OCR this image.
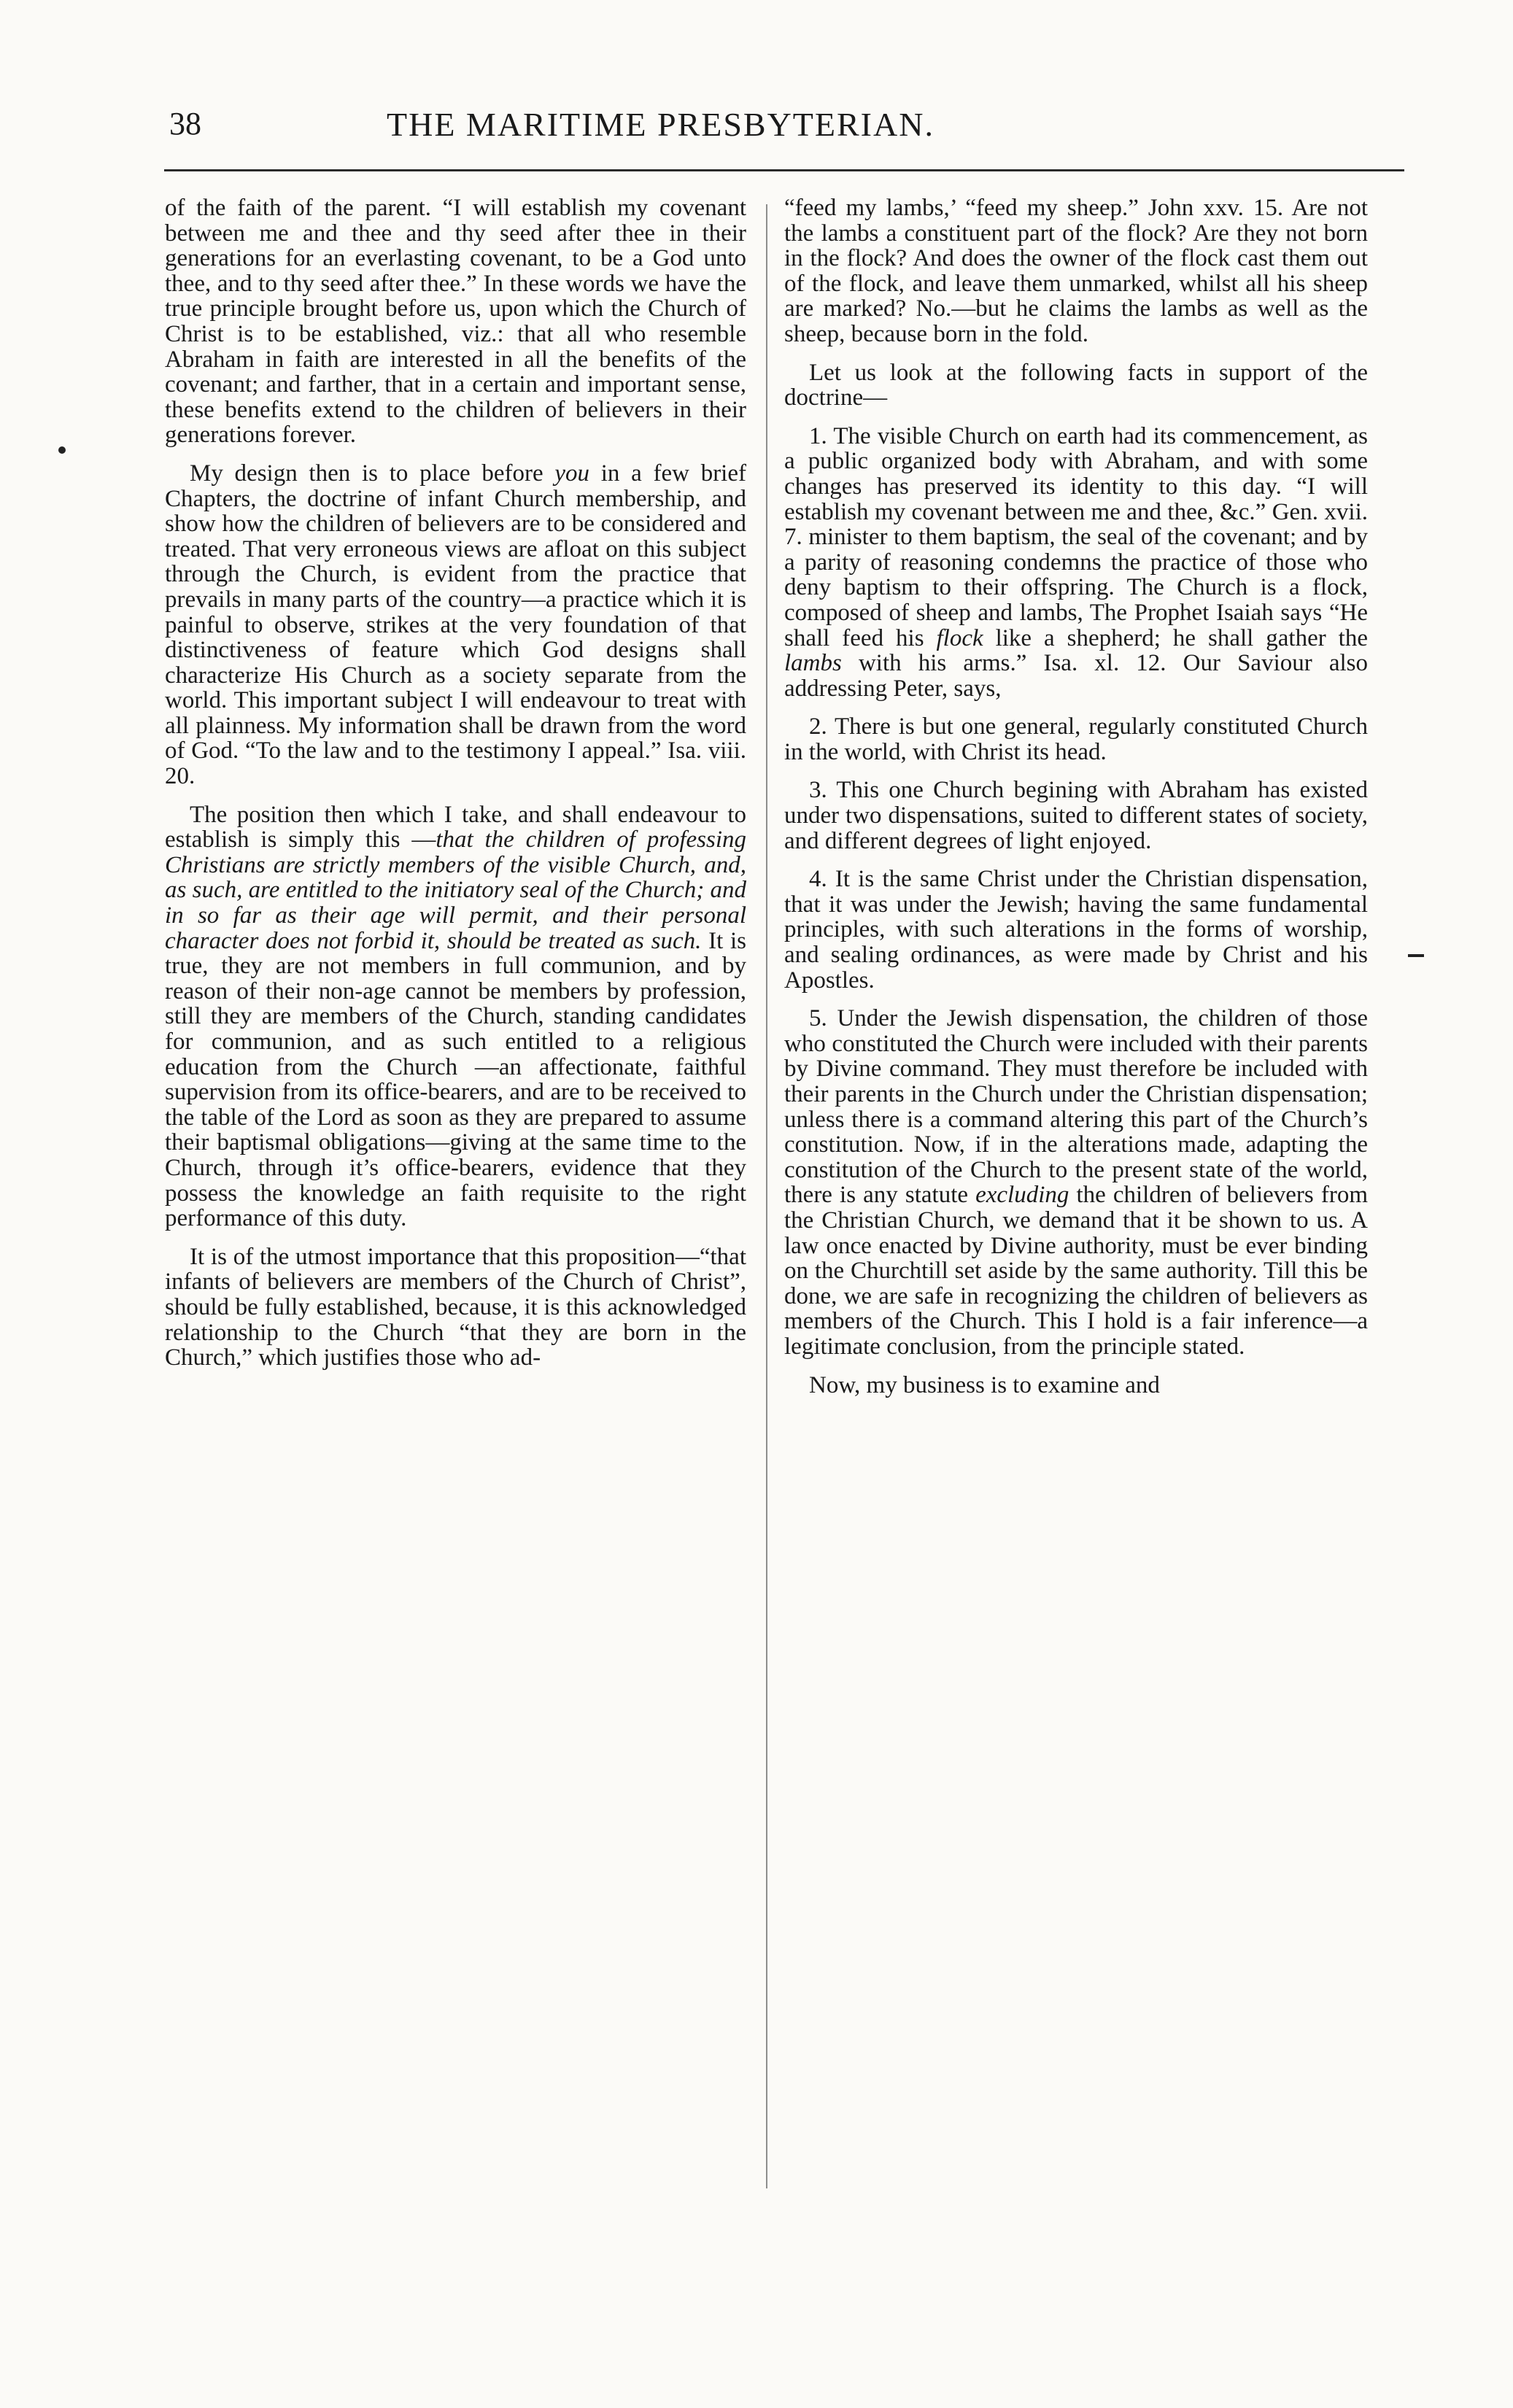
38	THE MARITIME PRESBYTERIAN.

of the faith of the parent. “I will establish my covenant between me and thee and thy seed after thee in their generations for an everlasting covenant, to be a God unto thee, and to thy seed after thee.” In these words we have the true principle brought before us, upon which the Church of Christ is to be established, viz.: that all who resemble Abraham in faith are interested in all the benefits of the covenant; and farther, that in a certain and important sense, these benefits extend to the children of believers in their generations forever.

My design then is to place before you in a few brief Chapters, the doctrine of infant Church membership, and show how the children of believers are to be considered and treated. That very erroneous views are afloat on this subject through the Church, is evident from the practice that prevails in many parts of the country—a practice which it is painful to observe, strikes at the very foundation of that distinctiveness of feature which God designs shall characterize His Church as a society separate from the world. This important subject I will endeavour to treat with all plainness. My information shall be drawn from the word of God. “To the law and to the testimony I appeal.” Isa. viii. 20.

The position then which I take, and shall endeavour to establish is simply this —that the children of professing Christians are strictly members of the visible Church, and, as such, are entitled to the initiatory seal of the Church; and in so far as their age will permit, and their personal character does not forbid it, should be treated as such. It is true, they are not members in full communion, and by reason of their non-age cannot be members by profession, still they are members of the Church, standing candidates for communion, and as such entitled to a religious education from the Church —an affectionate, faithful supervision from its office-bearers, and are to be received to the table of the Lord as soon as they are prepared to assume their baptismal obligations—giving at the same time to the Church, through it’s office-bearers, evidence that they possess the knowledge an faith requisite to the right performance of this duty.

It is of the utmost importance that this proposition—“that infants of believers are members of the Church of Christ”, should be fully established, because, it is this acknowledged relationship to the Church “that they are born in the Church,” which justifies those who ad-

“feed my lambs,’ “feed my sheep.” John xxv. 15. Are not the lambs a constituent part of the flock? Are they not born in the flock? And does the owner of the flock cast them out of the flock, and leave them unmarked, whilst all his sheep are marked? No.—but he claims the lambs as well as the sheep, because born in the fold.

Let us look at the following facts in support of the doctrine—

1. The visible Church on earth had its commencement, as a public organized body with Abraham, and with some changes has preserved its identity to this day. “I will establish my covenant between me and thee, &c.” Gen. xvii. 7. minister to them baptism, the seal of the covenant; and by a parity of reasoning condemns the practice of those who deny baptism to their offspring. The Church is a flock, composed of sheep and lambs, The Prophet Isaiah says “He shall feed his flock like a shepherd; he shall gather the lambs with his arms.” Isa. xl. 12. Our Saviour also addressing Peter, says,

2. There is but one general, regularly constituted Church in the world, with Christ its head.

3. This one Church begining with Abraham has existed under two dispensations, suited to different states of society, and different degrees of light enjoyed.

4. It is the same Christ under the Christian dispensation, that it was under the Jewish; having the same fundamental principles, with such alterations in the forms of worship, and sealing ordinances, as were made by Christ and his Apostles.

5. Under the Jewish dispensation, the children of those who constituted the Church were included with their parents by Divine command. They must therefore be included with their parents in the Church under the Christian dispensation; unless there is a command altering this part of the Church’s constitution. Now, if in the alterations made, adapting the constitution of the Church to the present state of the world, there is any statute excluding the children of believers from the Christian Church, we demand that it be shown to us. A law once enacted by Divine authority, must be ever binding on the Churchtill set aside by the same authority. Till this be done, we are safe in recognizing the children of believers as members of the Church. This I hold is a fair inference—a legitimate conclusion, from the principle stated.

Now, my business is to examine and
